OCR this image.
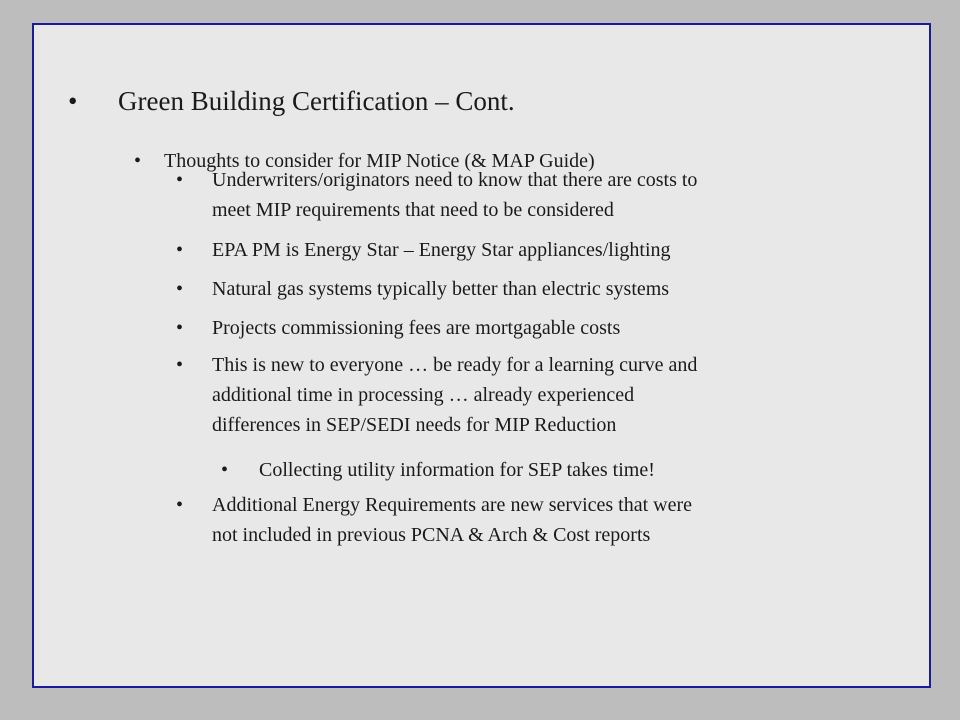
• Green Building Certification – Cont.
• Thoughts to consider for MIP Notice (& MAP Guide)
• Underwriters/originators need to know that there are costs to
meet MIP requirements that need to be considered
• EPA PM is Energy Star – Energy Star appliances/lighting
• Natural gas systems typically better than electric systems
• Projects commissioning fees are mortgagable costs
• This is new to everyone … be ready for a learning curve and
additional time in processing … already experienced
differences in SEP/SEDI needs for MIP Reduction
• Collecting utility information for SEP takes time!
• Additional Energy Requirements are new services that were
not included in previous PCNA & Arch & Cost reports
